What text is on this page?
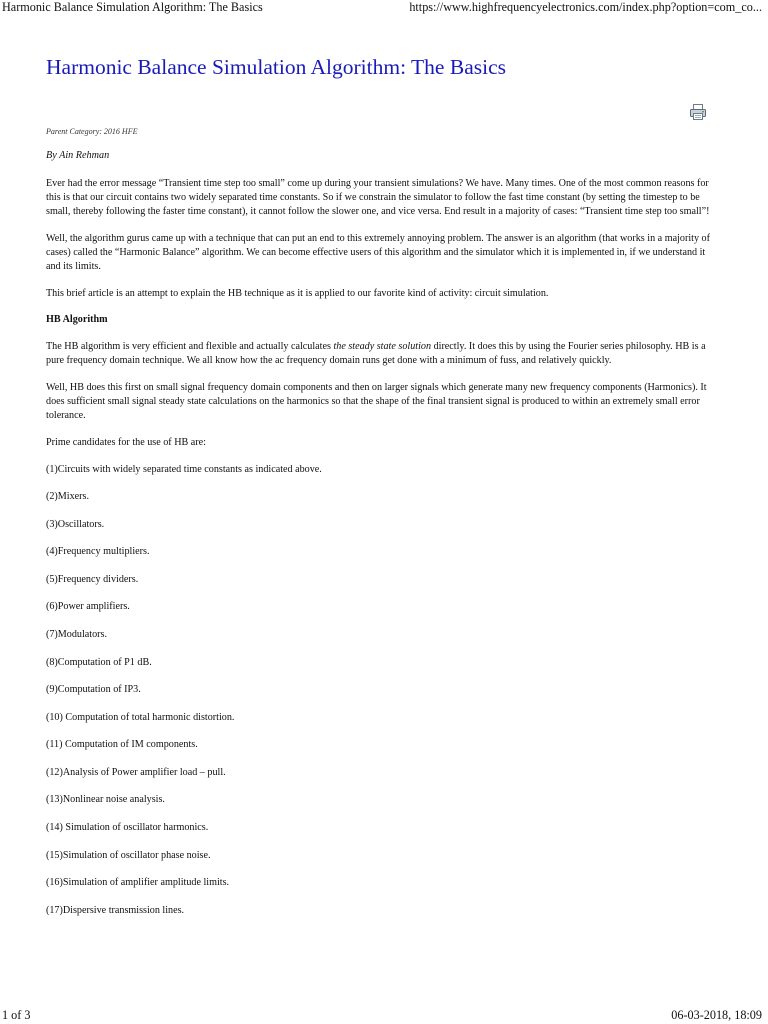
Harmonic Balance Simulation Algorithm: The Basics	https://www.highfrequencyelectronics.com/index.php?option=com_co...
Harmonic Balance Simulation Algorithm: The Basics
Parent Category: 2016 HFE
By Ain Rehman

Ever had the error message “Transient time step too small” come up during your transient simulations? We have. Many times. One of the most common reasons for this is that our circuit contains two widely separated time constants. So if we constrain the simulator to follow the fast time constant (by setting the timestep to be small, thereby following the faster time constant), it cannot follow the slower one, and vice versa. End result in a majority of cases: “Transient time step too small”!

Well, the algorithm gurus came up with a technique that can put an end to this extremely annoying problem. The answer is an algorithm (that works in a majority of cases) called the “Harmonic Balance” algorithm. We can become effective users of this algorithm and the simulator which it is implemented in, if we understand it and its limits.

This brief article is an attempt to explain the HB technique as it is applied to our favorite kind of activity: circuit simulation.

HB Algorithm

The HB algorithm is very efficient and flexible and actually calculates the steady state solution directly. It does this by using the Fourier series philosophy. HB is a pure frequency domain technique. We all know how the ac frequency domain runs get done with a minimum of fuss, and relatively quickly.

Well, HB does this first on small signal frequency domain components and then on larger signals which generate many new frequency components (Harmonics). It does sufficient small signal steady state calculations on the harmonics so that the shape of the final transient signal is produced to within an extremely small error tolerance.

Prime candidates for the use of HB are:

(1)Circuits with widely separated time constants as indicated above.
(2)Mixers.
(3)Oscillators.
(4)Frequency multipliers.
(5)Frequency dividers.
(6)Power amplifiers.
(7)Modulators.
(8)Computation of P1 dB.
(9)Computation of IP3.
(10) Computation of total harmonic distortion.
(11) Computation of IM components.
(12)Analysis of Power amplifier load – pull.
(13)Nonlinear noise analysis.
(14) Simulation of oscillator harmonics.
(15)Simulation of oscillator phase noise.
(16)Simulation of amplifier amplitude limits.
(17)Dispersive transmission lines.
1 of 3	06-03-2018, 18:09
